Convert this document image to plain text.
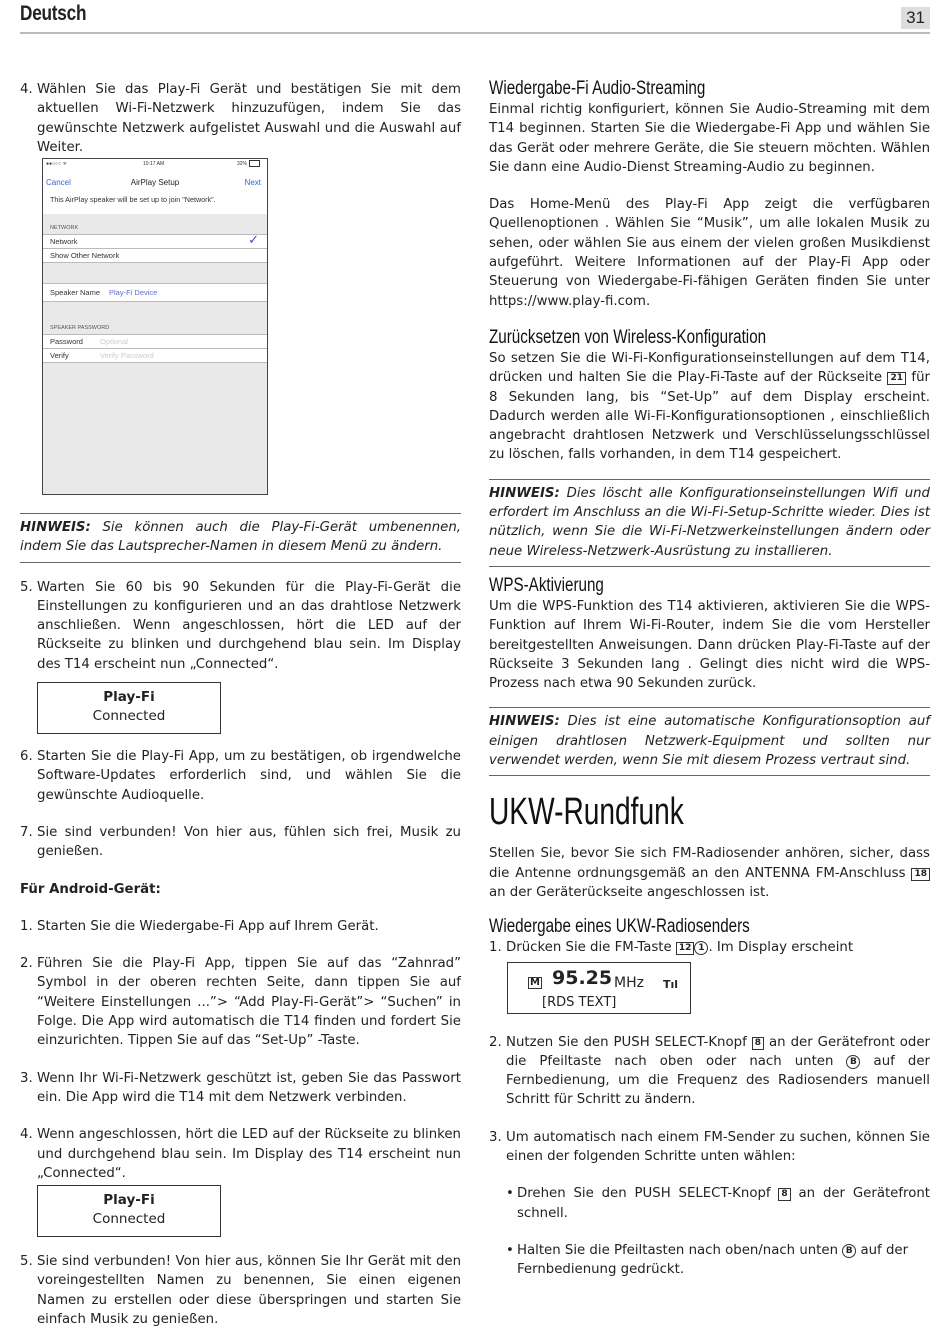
Deutsch	31
4. Wählen Sie das Play-Fi Gerät und bestätigen Sie mit dem aktuellen Wi-Fi-Netzwerk hinzuzufügen, indem Sie das gewünschte Netzwerk aufgelistet Auswahl und die Auswahl auf Weiter.

●●○○○ ᯤ	10:17 AM	32%
Cancel	AirPlay Setup	Next
This AirPlay speaker will be set up to join "Network".
NETWORK
Network	✓
Show Other Network
Speaker Name Play-Fi Device
SPEAKER PASSWORD
Password Optional
Verify	Verify Password
HINWEIS: Sie können auch die Play-Fi-Gerät umbenennen, indem Sie das Lautsprecher-Namen in diesem Menü zu ändern.
5. Warten Sie 60 bis 90 Sekunden für die Play-Fi-Gerät die Einstellungen zu konfigurieren und an das drahtlose Netzwerk anschließen. Wenn angeschlossen, hört die LED auf der Rückseite zu blinken und durchgehend blau sein. Im Display des T14 erscheint nun „Connected“.

Play-Fi
Connected
6. Starten Sie die Play-Fi App, um zu bestätigen, ob irgendwelche Software-Updates erforderlich sind, und wählen Sie die gewünschte Audioquelle.

7. Sie sind verbunden! Von hier aus, fühlen sich frei, Musik zu genießen.

Für Android-Gerät:

1. Starten Sie die Wiedergabe-Fi App auf Ihrem Gerät.

2. Führen Sie die Play-Fi App, tippen Sie auf das “Zahnrad” Symbol in der oberen rechten Seite, dann tippen Sie auf “Weitere Einstellungen ...”> “Add Play-Fi-Gerät”> “Suchen” in Folge. Die App wird automatisch die T14 finden und fordert Sie einzurichten. Tippen Sie auf das “Set-Up” -Taste.

3. Wenn Ihr Wi-Fi-Netzwerk geschützt ist, geben Sie das Passwort ein. Die App wird die T14 mit dem Netzwerk verbinden.

4. Wenn angeschlossen, hört die LED auf der Rückseite zu blinken und durchgehend blau sein. Im Display des T14 erscheint nun „Connected“.

Play-Fi
Connected
5. Sie sind verbunden! Von hier aus, können Sie Ihr Gerät mit den voreingestellten Namen zu benennen, Sie einen eigenen Namen zu erstellen oder diese überspringen und starten Sie einfach Musik zu genießen.

Wiedergabe-Fi Audio-Streaming

Einmal richtig konfiguriert, können Sie Audio-Streaming mit dem T14 beginnen. Starten Sie die Wiedergabe-Fi App und wählen Sie das Gerät oder mehrere Geräte, die Sie steuern möchten. Wählen Sie dann eine Audio-Dienst Streaming-Audio zu beginnen.

Das Home-Menü des Play-Fi App zeigt die verfügbaren Quellenoptionen . Wählen Sie “Musik”, um alle lokalen Musik zu sehen, oder wählen Sie aus einem der vielen großen Musikdienst aufgeführt. Weitere Informationen auf der Play-Fi App oder Steuerung von Wiedergabe-Fi-fähigen Geräten finden Sie unter https://www.play-fi.com.

Zurücksetzen von Wireless-Konfiguration

So setzen Sie die Wi-Fi-Konfigurationseinstellungen auf dem T14, drücken und halten Sie die Play-Fi-Taste auf der Rückseite 21 für 8 Sekunden lang, bis “Set-Up” auf dem Display erscheint. Dadurch werden alle Wi-Fi-Konfigurationsoptionen , einschließlich angebracht drahtlosen Netzwerk und Verschlüsselungsschlüssel zu löschen, falls vorhanden, in dem T14 gespeichert.

HINWEIS: Dies löscht alle Konfigurationseinstellungen Wifi und erfordert im Anschluss an die Wi-Fi-Setup-Schritte wieder. Dies ist nützlich, wenn Sie die Wi-Fi-Netzwerkeinstellungen ändern oder neue Wireless-Netzwerk-Ausrüstung zu installieren.
WPS-Aktivierung

Um die WPS-Funktion des T14 aktivieren, aktivieren Sie die WPS-Funktion auf Ihrem Wi-Fi-Router, indem Sie die vom Hersteller bereitgestellten Anweisungen. Dann drücken Play-Fi-Taste auf der Rückseite 3 Sekunden lang . Gelingt dies nicht wird die WPS-Prozess nach etwa 90 Sekunden zurück.

HINWEIS: Dies ist eine automatische Konfigurationsoption auf einigen drahtlosen Netzwerk-Equipment und sollten nur verwendet werden, wenn Sie mit diesem Prozess vertraut sind.
UKW-Rundfunk

Stellen Sie, bevor Sie sich FM-Radiosender anhören, sicher, dass die Antenne ordnungsgemäß an den ANTENNA FM-Anschluss 18 an der Geräterückseite angeschlossen ist.

Wiedergabe eines UKW-Radiosenders
1. Drücken Sie die FM-Taste 12 1 . Im Display erscheint

M 95.25 MHz Tıl
[RDS TEXT]
2. Nutzen Sie den PUSH SELECT-Knopf 8 an der Gerätefront oder die Pfeiltaste nach oben oder nach unten B auf der Fernbedienung, um die Frequenz des Radiosenders manuell Schritt für Schritt zu ändern.

3. Um automatisch nach einem FM-Sender zu suchen, können Sie einen der folgenden Schritte unten wählen:

• Drehen Sie den PUSH SELECT-Knopf 8 an der Gerätefront schnell.

• Halten Sie die Pfeiltasten nach oben/nach unten B auf der Fernbedienung gedrückt.
